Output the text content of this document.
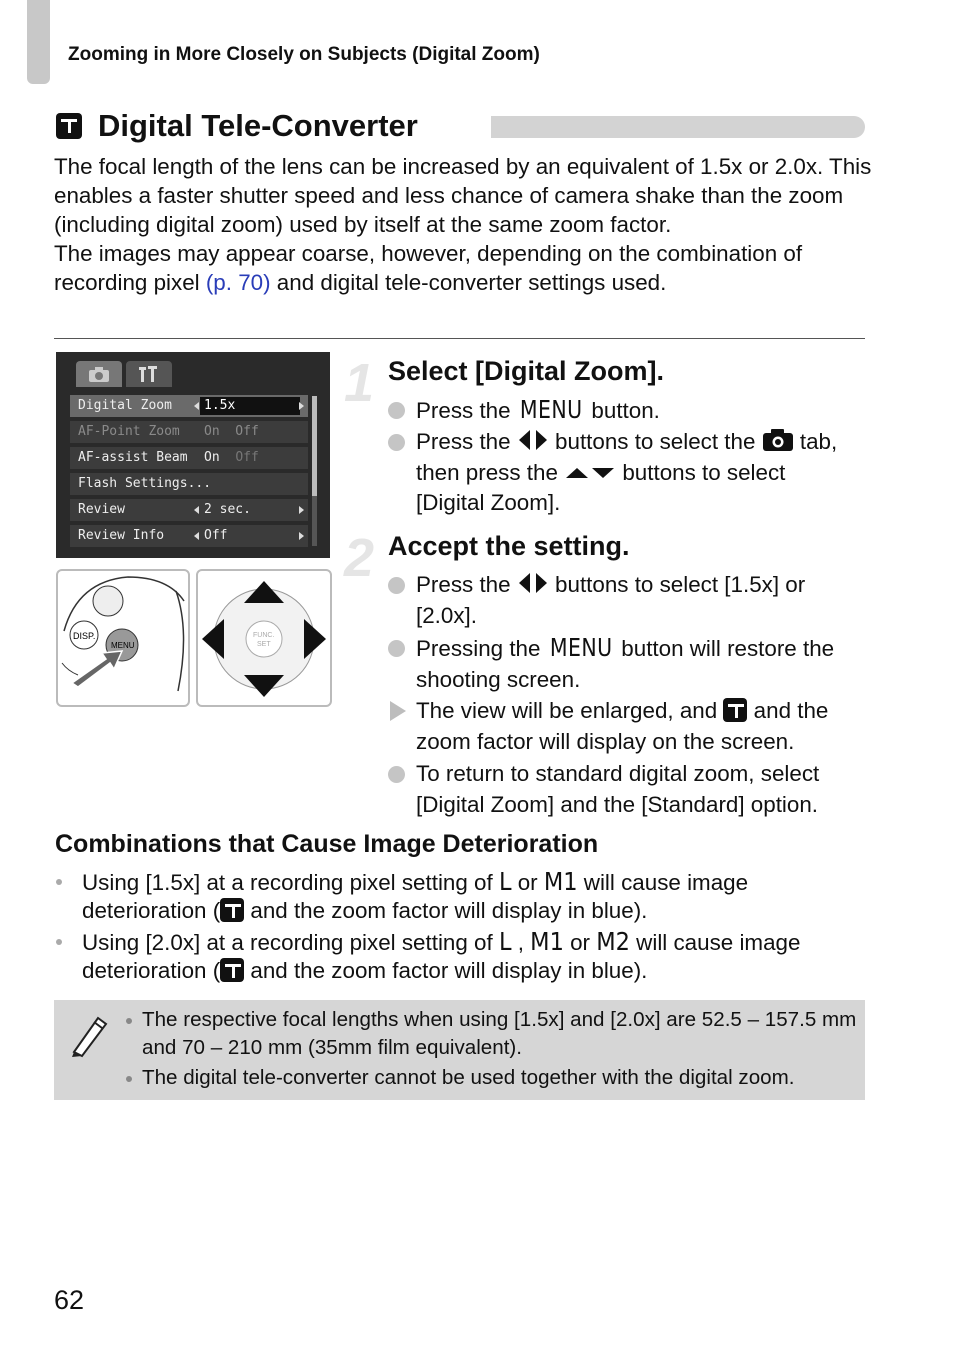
Zooming in More Closely on Subjects (Digital Zoom)
Digital Tele-Converter
The focal length of the lens can be increased by an equivalent of 1.5x or 2.0x. This enables a faster shutter speed and less chance of camera shake than the zoom (including digital zoom) used by itself at the same zoom factor.
The images may appear coarse, however, depending on the combination of recording pixel (p. 70) and digital tele-converter settings used.
Digital Zoom	1.5x
AF-Point Zoom On  Off
AF-assist Beam On Off
Flash Settings...
Review	2 sec.
Review Info	Off
DISP.
MENU
FUNC.
SET
1 Select [Digital Zoom].
Press the MENU button.
Press the  buttons to select the  tab,
then press the  buttons to select
[Digital Zoom].
2 Accept the setting.
Press the  buttons to select [1.5x] or
[2.0x].
Pressing the MENU button will restore the
shooting screen.
The view will be enlarged, and  and the
zoom factor will display on the screen.
To return to standard digital zoom, select
[Digital Zoom] and the [Standard] option.
Combinations that Cause Image Deterioration
Using [1.5x] at a recording pixel setting of L or M1 will cause image
deterioration ( and the zoom factor will display in blue).
Using [2.0x] at a recording pixel setting of L , M1 or M2 will cause image
deterioration ( and the zoom factor will display in blue).
The respective focal lengths when using [1.5x] and [2.0x] are 52.5 – 157.5 mm and 70 – 210 mm (35mm film equivalent).
The digital tele-converter cannot be used together with the digital zoom.
62
